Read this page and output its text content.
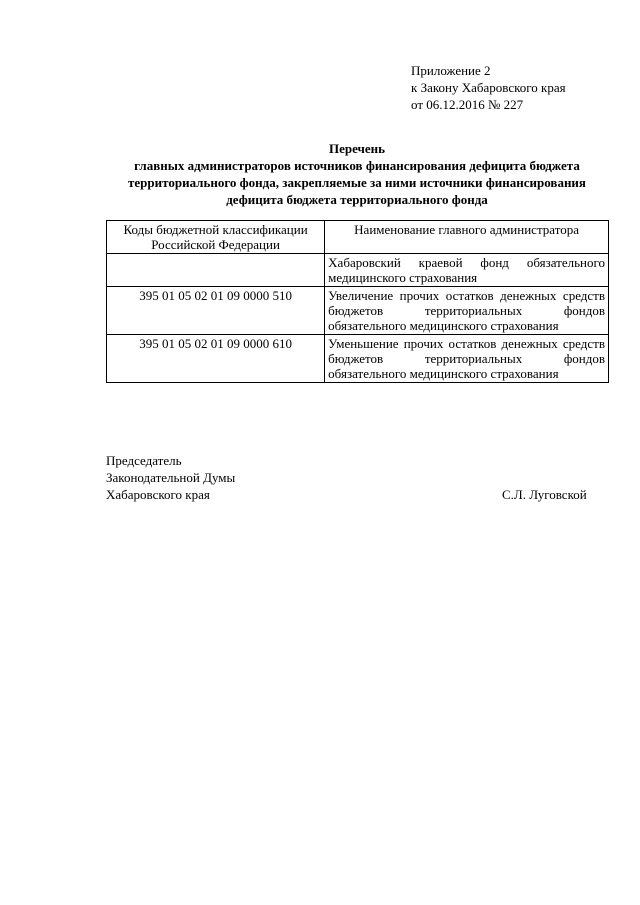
Приложение 2
к Закону Хабаровского края
от 06.12.2016 № 227
Перечень
главных администраторов источников финансирования дефицита бюджета
территориального фонда, закрепляемые за ними источники финансирования
дефицита бюджета территориального фонда
Коды бюджетной классификации Российской Федерации	Наименование главного администратора
	Хабаровский краевой фонд обязательного медицинского страхования
395 01 05 02 01 09 0000 510	Увеличение прочих остатков денежных средств бюджетов территориальных фондов обязательного медицинского страхования
395 01 05 02 01 09 0000 610	Уменьшение прочих остатков денежных средств бюджетов территориальных фондов обязательного медицинского страхования
Председатель
Законодательной Думы
Хабаровского края	С.Л. Луговской
